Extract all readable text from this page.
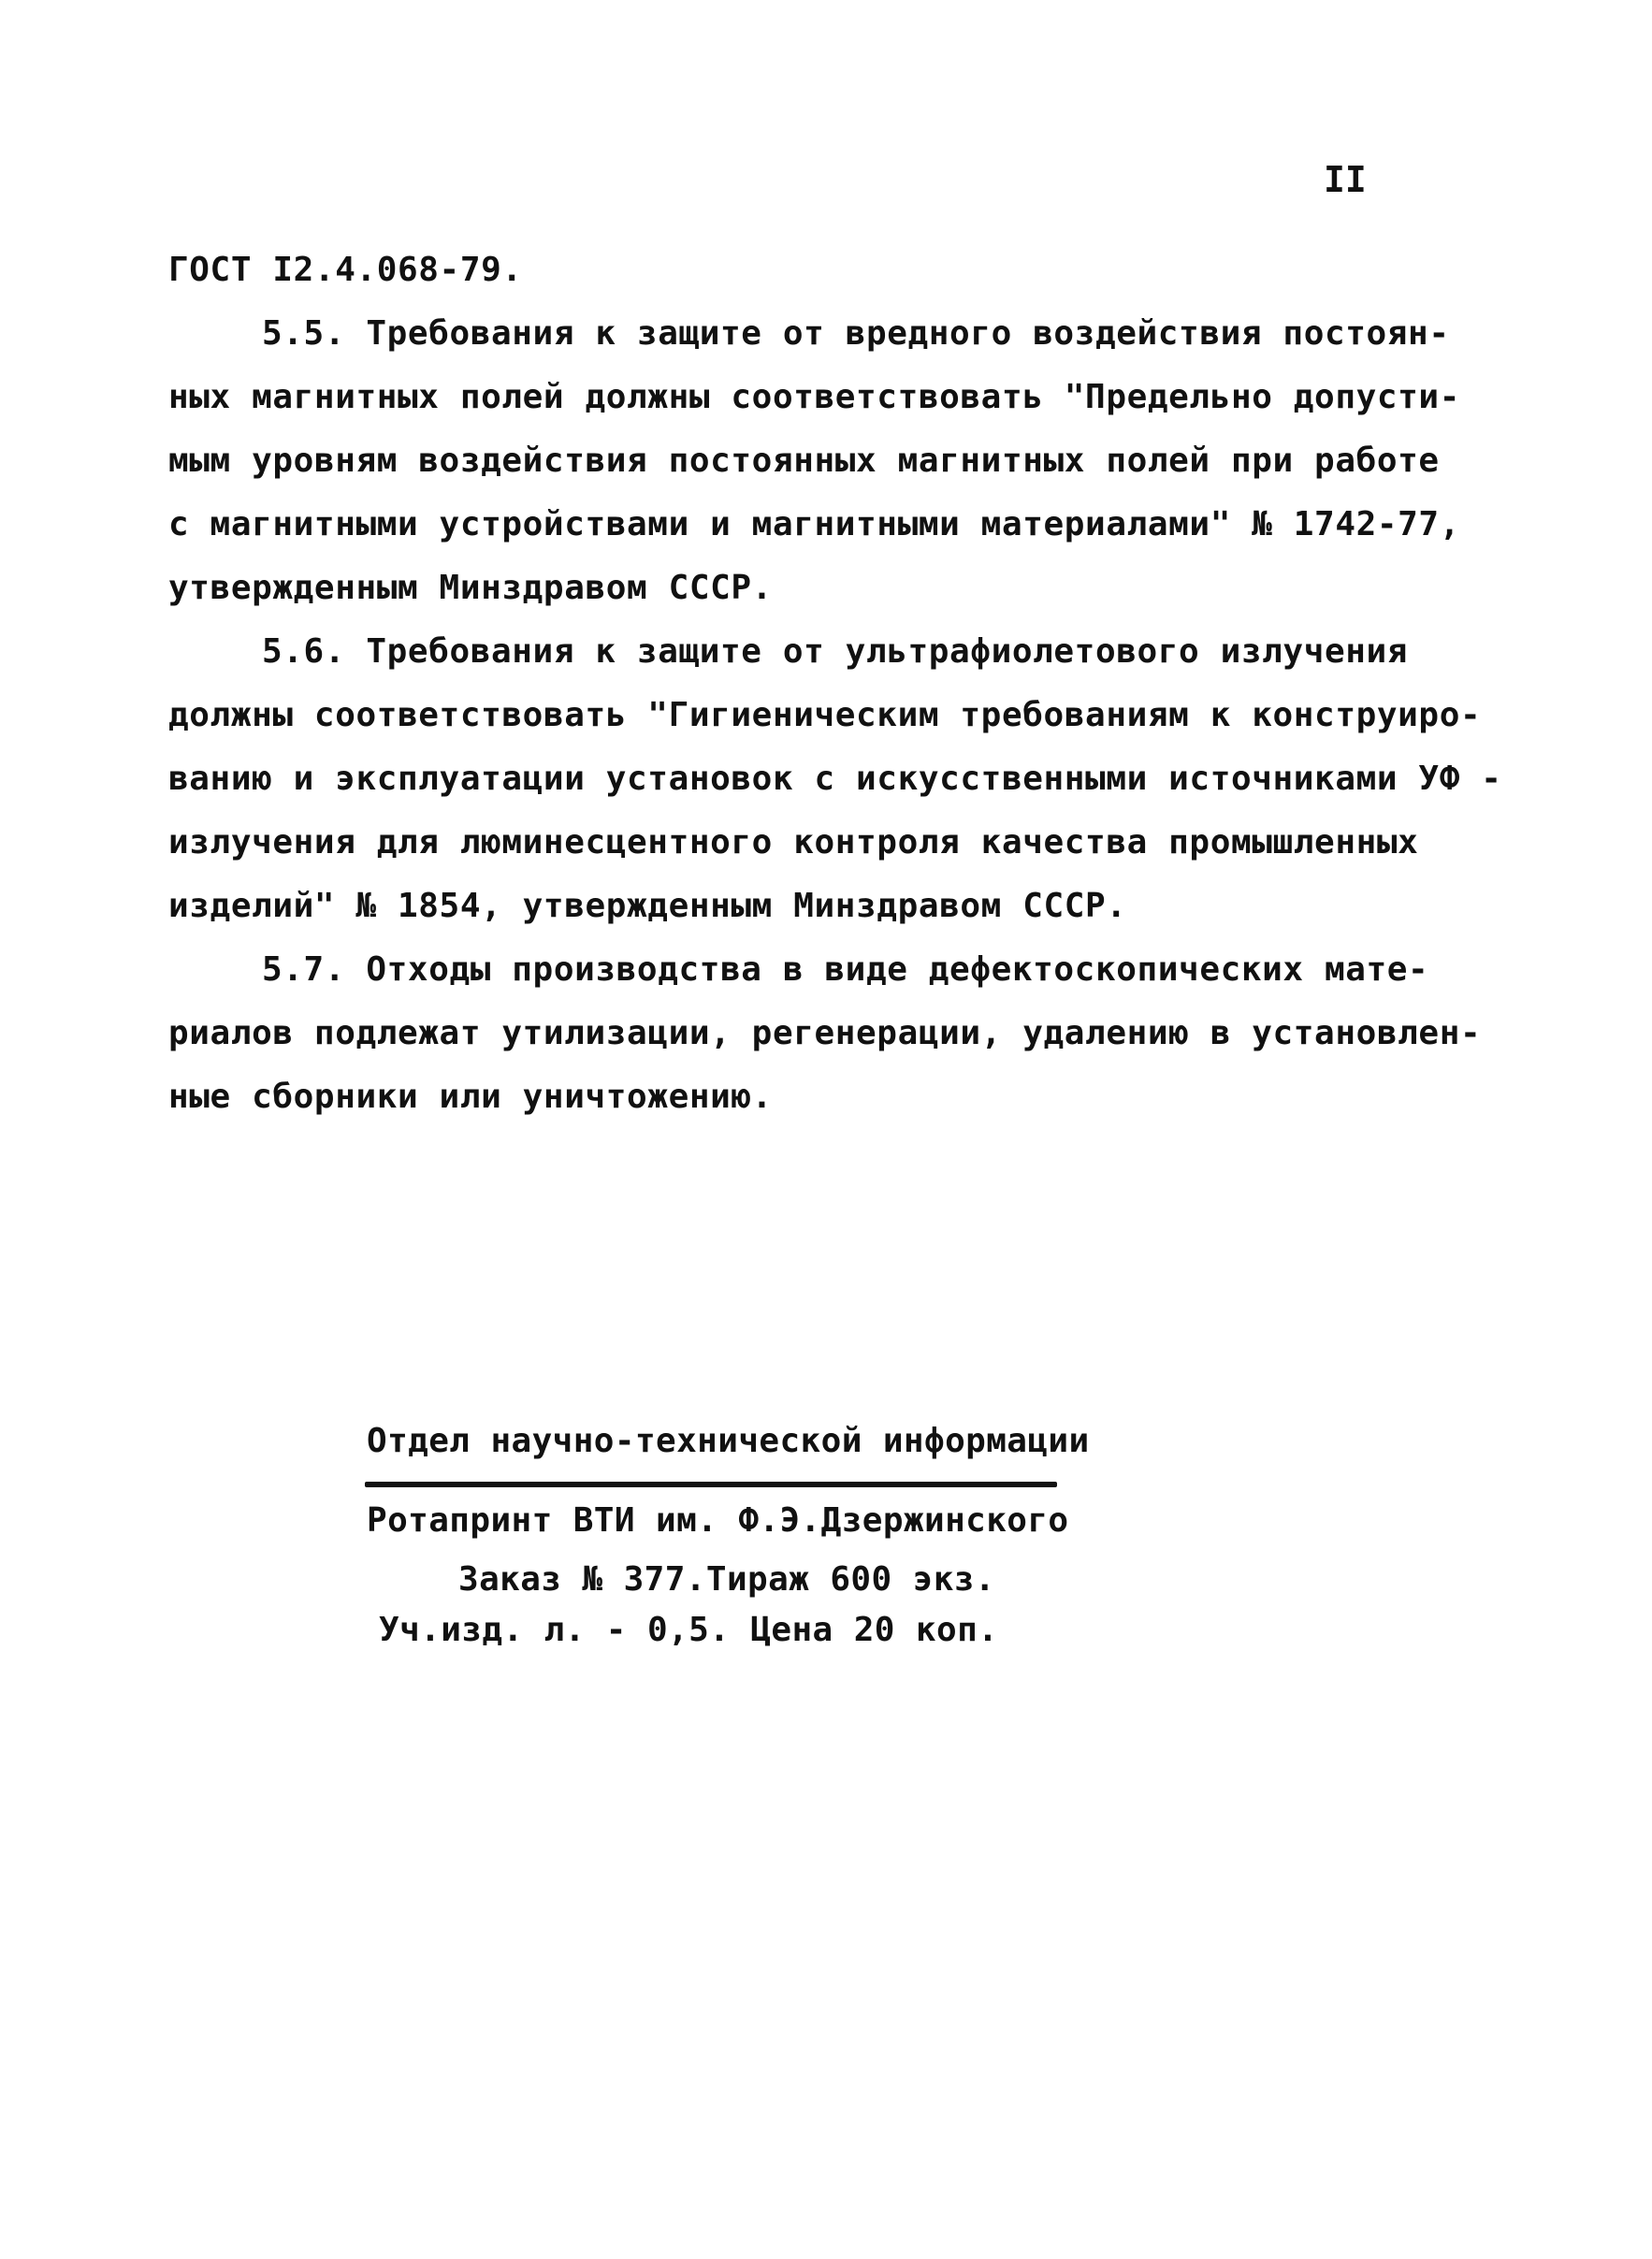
II
ГОСТ I2.4.068-79.
5.5. Требования к защите от вредного воздействия постоян-
ных магнитных полей должны соответствовать "Предельно допусти-
мым уровням воздействия постоянных магнитных полей при работе
с магнитными устройствами и магнитными материалами" № 1742-77,
утвержденным Минздравом СССР.
5.6. Требования к защите от ультрафиолетового излучения
должны соответствовать "Гигиеническим требованиям к конструиро-
ванию и эксплуатации установок с искусственными источниками УФ -
излучения для люминесцентного контроля качества промышленных
изделий" № 1854, утвержденным Минздравом СССР.
5.7. Отходы производства в виде дефектоскопических мате-
риалов подлежат утилизации, регенерации, удалению в установлен-
ные сборники или уничтожению.
Отдел научно-технической информации
Ротапринт ВТИ им. Ф.Э.Дзержинского
Заказ № 377.Тираж 600 экз.
Уч.изд. л. - 0,5. Цена 20 коп.
